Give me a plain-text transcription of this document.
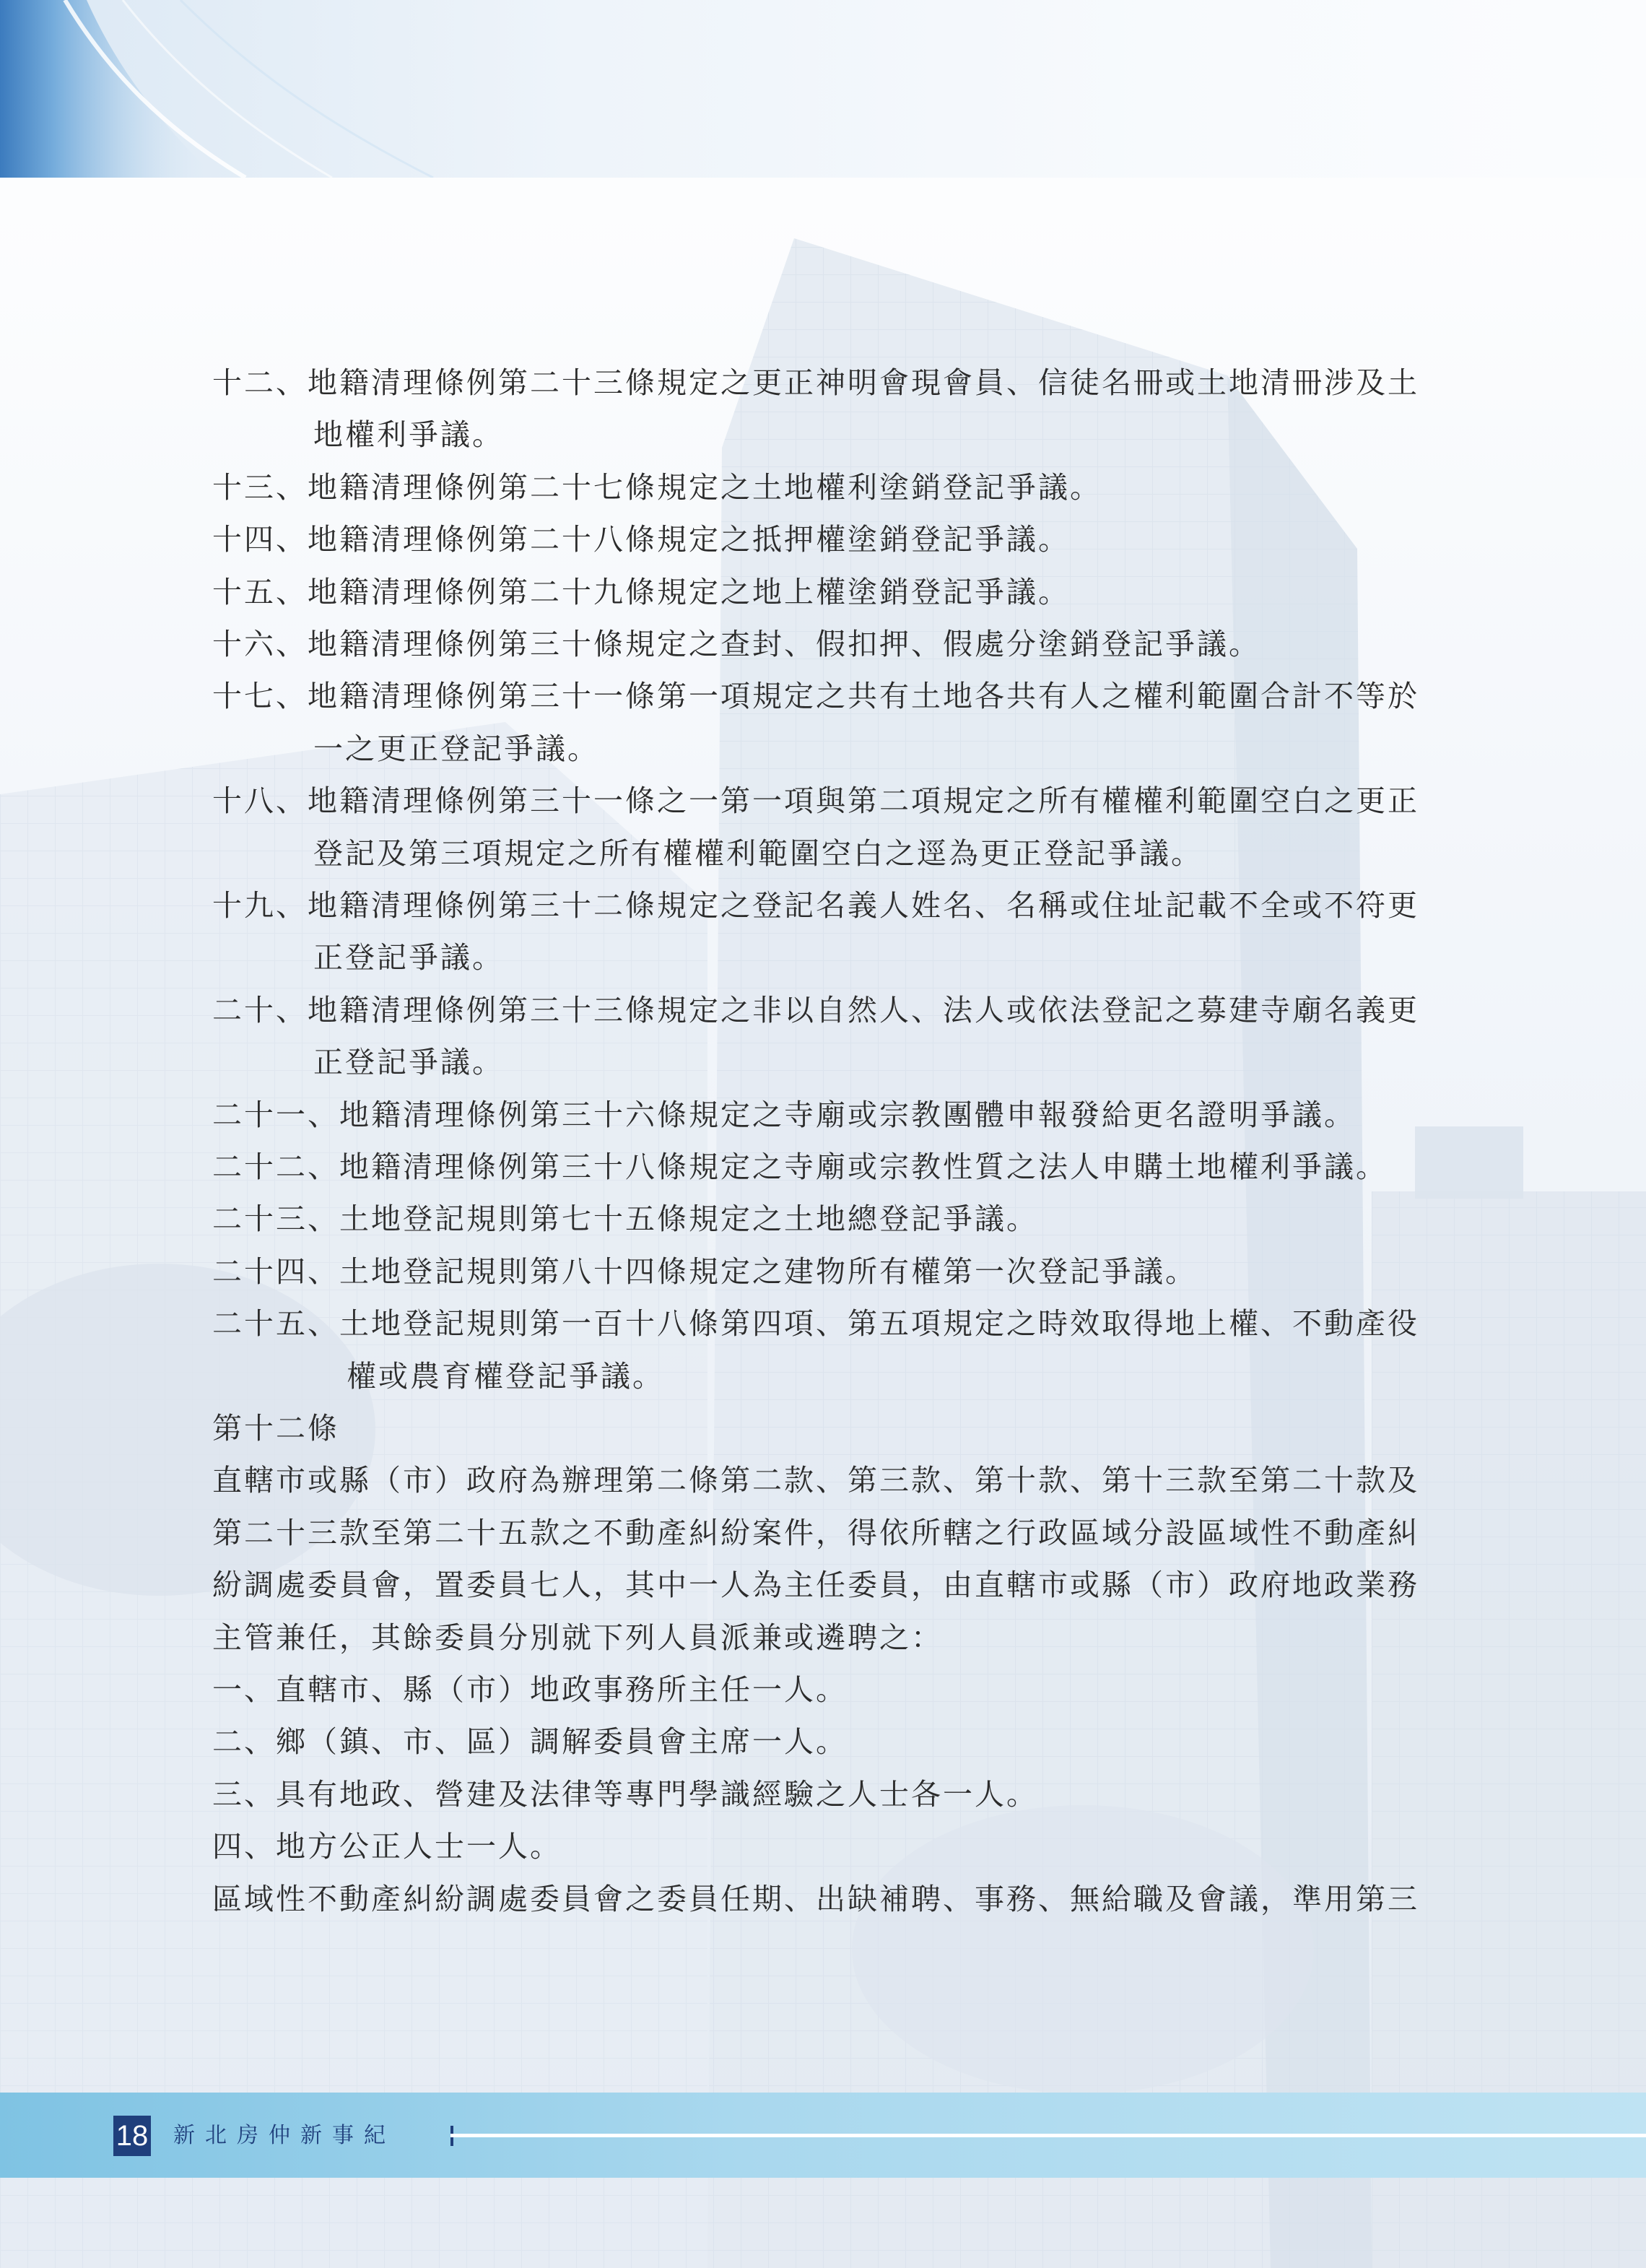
十二、地籍清理條例第二十三條規定之更正神明會現會員、信徒名冊或土地清冊涉及土
地權利爭議。
十三、地籍清理條例第二十七條規定之土地權利塗銷登記爭議。
十四、地籍清理條例第二十八條規定之抵押權塗銷登記爭議。
十五、地籍清理條例第二十九條規定之地上權塗銷登記爭議。
十六、地籍清理條例第三十條規定之查封、假扣押、假處分塗銷登記爭議。
十七、地籍清理條例第三十一條第一項規定之共有土地各共有人之權利範圍合計不等於
一之更正登記爭議。
十八、地籍清理條例第三十一條之一第一項與第二項規定之所有權權利範圍空白之更正
登記及第三項規定之所有權權利範圍空白之逕為更正登記爭議。
十九、地籍清理條例第三十二條規定之登記名義人姓名、名稱或住址記載不全或不符更
正登記爭議。
二十、地籍清理條例第三十三條規定之非以自然人、法人或依法登記之募建寺廟名義更
正登記爭議。
二十一、地籍清理條例第三十六條規定之寺廟或宗教團體申報發給更名證明爭議。
二十二、地籍清理條例第三十八條規定之寺廟或宗教性質之法人申購土地權利爭議。
二十三、土地登記規則第七十五條規定之土地總登記爭議。
二十四、土地登記規則第八十四條規定之建物所有權第一次登記爭議。
二十五、土地登記規則第一百十八條第四項、第五項規定之時效取得地上權、不動產役
權或農育權登記爭議。
第十二條
直轄市或縣（市）政府為辦理第二條第二款、第三款、第十款、第十三款至第二十款及
第二十三款至第二十五款之不動產糾紛案件，得依所轄之行政區域分設區域性不動產糾
紛調處委員會，置委員七人，其中一人為主任委員，由直轄市或縣（市）政府地政業務
主管兼任，其餘委員分別就下列人員派兼或遴聘之：
一、直轄市、縣（市）地政事務所主任一人。
二、鄉（鎮、市、區）調解委員會主席一人。
三、具有地政、營建及法律等專門學識經驗之人士各一人。
四、地方公正人士一人。
區域性不動產糾紛調處委員會之委員任期、出缺補聘、事務、無給職及會議，準用第三
18 新北房仲新事紀
